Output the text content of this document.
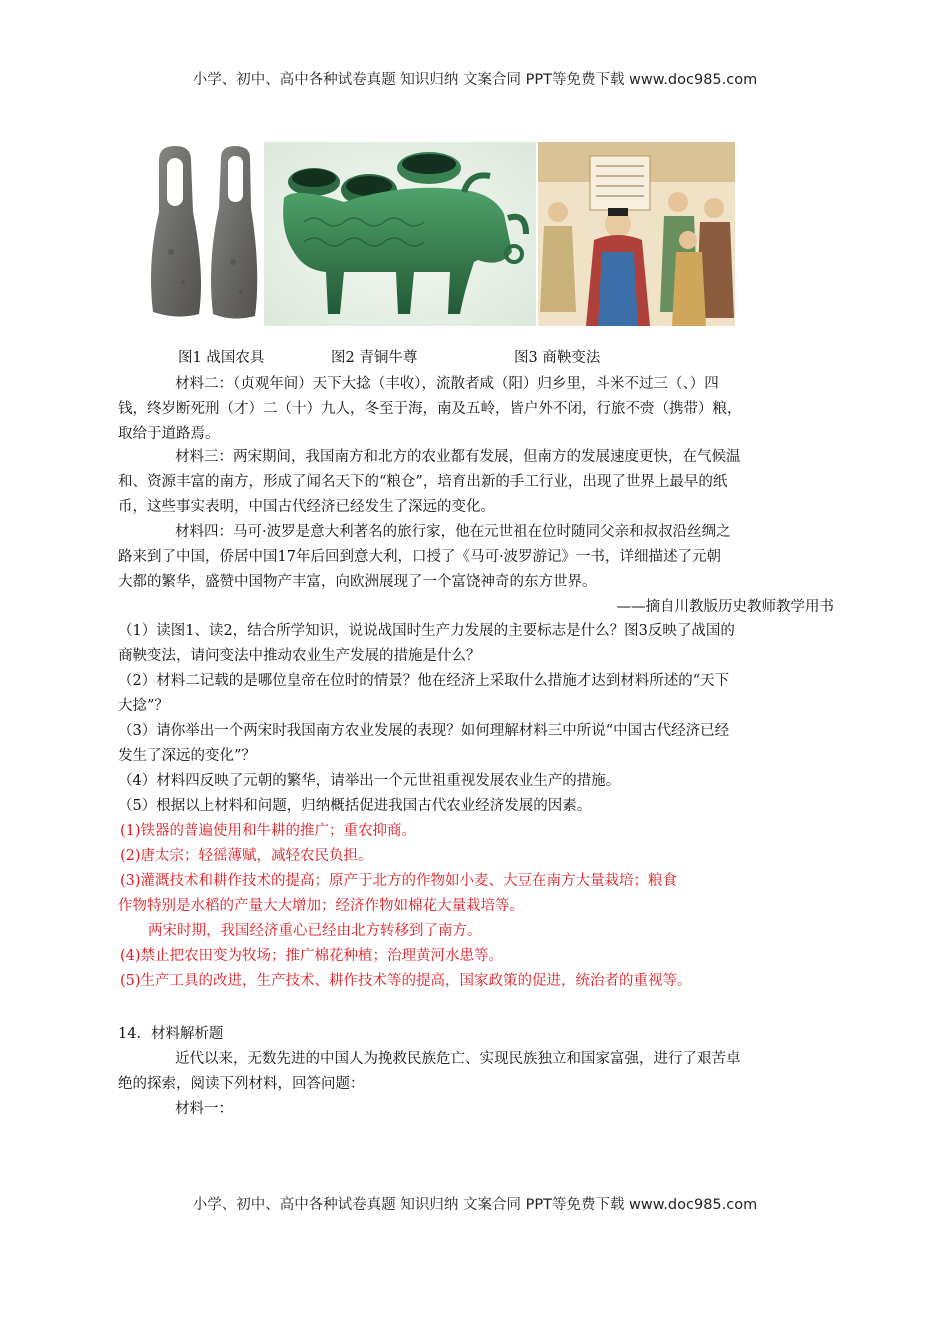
小学、初中、高中各种试卷真题 知识归纳 文案合同 PPT等免费下载 www.doc985.com
图1 战国农具	图2 青铜牛尊	图3 商鞅变法
材料二：（贞观年间）天下大捻（丰收），流散者咸（阳）归乡里，斗米不过三（、）四
钱，终岁断死刑（才）二（十）九人，冬至于海，南及五岭，皆户外不闭，行旅不赍（携带）粮，
取给于道路焉。
材料三：两宋期间，我国南方和北方的农业都有发展，但南方的发展速度更快，在气候温
和、资源丰富的南方，形成了闻名天下的“粮仓”，培育出新的手工行业，出现了世界上最早的纸
币，这些事实表明，中国古代经济已经发生了深远的变化。
材料四：马可·波罗是意大利著名的旅行家，他在元世祖在位时随同父亲和叔叔沿丝绸之
路来到了中国，侨居中国17年后回到意大利，口授了《马可·波罗游记》一书，详细描述了元朝
大都的繁华，盛赞中国物产丰富，向欧洲展现了一个富饶神奇的东方世界。
——摘自川教版历史教师教学用书
（1）读图1、读2，结合所学知识，说说战国时生产力发展的主要标志是什么？图3反映了战国的
商鞅变法，请问变法中推动农业生产发展的措施是什么？
（2）材料二记载的是哪位皇帝在位时的情景？他在经济上采取什么措施才达到材料所述的“天下
大捻”？
（3）请你举出一个两宋时我国南方农业发展的表现？如何理解材料三中所说“中国古代经济已经
发生了深远的变化”？
（4）材料四反映了元朝的繁华，请举出一个元世祖重视发展农业生产的措施。
（5）根据以上材料和问题，归纳概括促进我国古代农业经济发展的因素。
(1)铁器的普遍使用和牛耕的推广；重农抑商。
(2)唐太宗；轻徭薄赋，减轻农民负担。
(3)灌溉技术和耕作技术的提高；原产于北方的作物如小麦、大豆在南方大量栽培；粮食
作物特别是水稻的产量大大增加；经济作物如棉花大量栽培等。
两宋时期，我国经济重心已经由北方转移到了南方。
(4)禁止把农田变为牧场；推广棉花种植；治理黄河水患等。
(5)生产工具的改进，生产技术、耕作技术等的提高，国家政策的促进，统治者的重视等。
14．材料解析题
近代以来，无数先进的中国人为挽救民族危亡、实现民族独立和国家富强，进行了艰苦卓
绝的探索，阅读下列材料，回答问题：
材料一：
小学、初中、高中各种试卷真题 知识归纳 文案合同 PPT等免费下载 www.doc985.com
